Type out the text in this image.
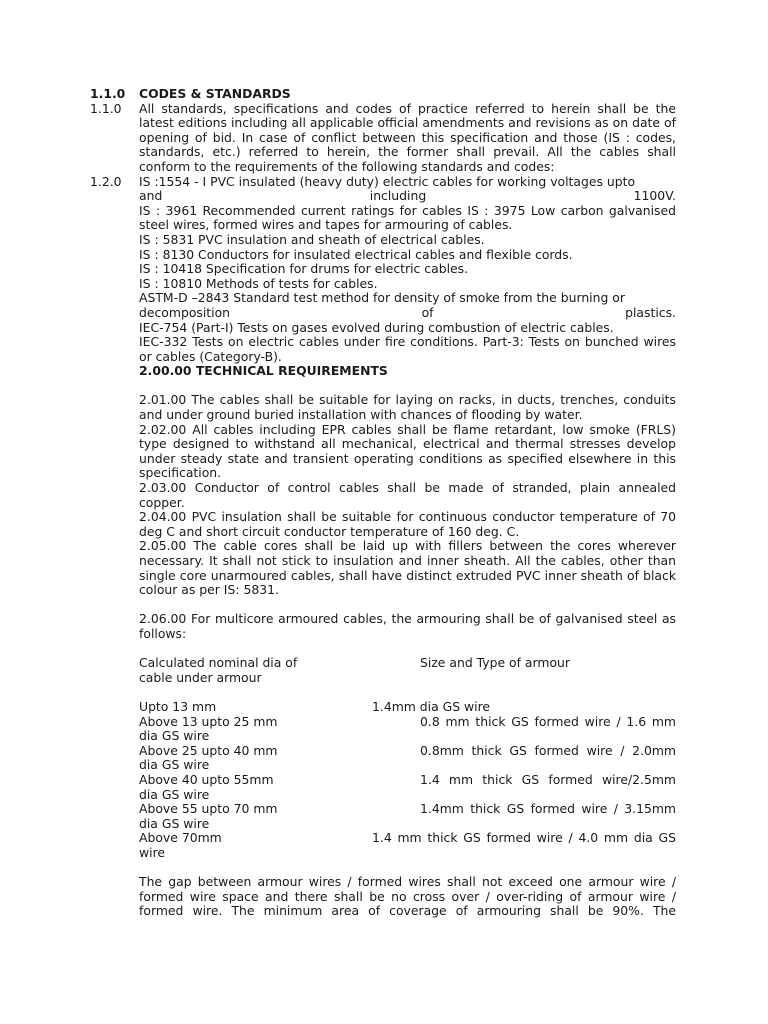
1.1.0	CODES & STANDARDS
1.1.0	All standards, specifications and codes of practice referred to herein shall be the latest editions including all applicable official amendments and revisions as on date of opening of bid. In case of conflict between this specification and those (IS : codes, standards, etc.) referred to herein, the former shall prevail. All the cables shall conform to the requirements of the following standards and codes:
1.2.0	IS :1554 - I PVC insulated (heavy duty) electric cables for working voltages upto
and	including	1100V.
IS : 3961 Recommended current ratings for cables IS : 3975 Low carbon galvanised steel wires, formed wires and tapes for armouring of cables.
IS : 5831 PVC insulation and sheath of electrical cables.
IS : 8130 Conductors for insulated electrical cables and flexible cords.
IS : 10418 Specification for drums for electric cables.
IS : 10810 Methods of tests for cables.
ASTM-D –2843 Standard test method for density of smoke from the burning or
decomposition	of	plastics.
IEC-754 (Part-I) Tests on gases evolved during combustion of electric cables.
IEC-332 Tests on electric cables under fire conditions. Part-3: Tests on bunched wires or cables (Category-B).
2.00.00 TECHNICAL REQUIREMENTS
2.01.00 The cables shall be suitable for laying on racks, in ducts, trenches, conduits and under ground buried installation with chances of flooding by water.
2.02.00 All cables including EPR cables shall be flame retardant, low smoke (FRLS) type designed to withstand all mechanical, electrical and thermal stresses develop under steady state and transient operating conditions as specified elsewhere in this specification.
2.03.00 Conductor of control cables shall be made of stranded, plain annealed copper.
2.04.00 PVC insulation shall be suitable for continuous conductor temperature of 70 deg C and short circuit conductor temperature of 160 deg. C.
2.05.00 The cable cores shall be laid up with fillers between the cores wherever necessary. It shall not stick to insulation and inner sheath. All the cables, other than single core unarmoured cables, shall have distinct extruded PVC inner sheath of black colour as per IS: 5831.
2.06.00 For multicore armoured cables, the armouring shall be of galvanised steel as follows:
Calculated nominal dia of	Size and Type of armour
cable under armour
Upto 13 mm	1.4mm dia GS wire
Above 13 upto 25 mm	0.8 mm thick GS formed wire / 1.6 mm
dia GS wire
Above 25 upto 40 mm	0.8mm thick GS formed wire / 2.0mm
dia GS wire
Above 40 upto 55mm	1.4 mm thick GS formed wire/2.5mm
dia GS wire
Above 55 upto 70 mm	1.4mm thick GS formed wire / 3.15mm
dia GS wire
Above 70mm	1.4 mm thick GS formed wire / 4.0 mm dia GS
wire
The gap between armour wires / formed wires shall not exceed one armour wire / formed wire space and there shall be no cross over / over-riding of armour wire / formed wire. The minimum area of coverage of armouring shall be 90%. The
